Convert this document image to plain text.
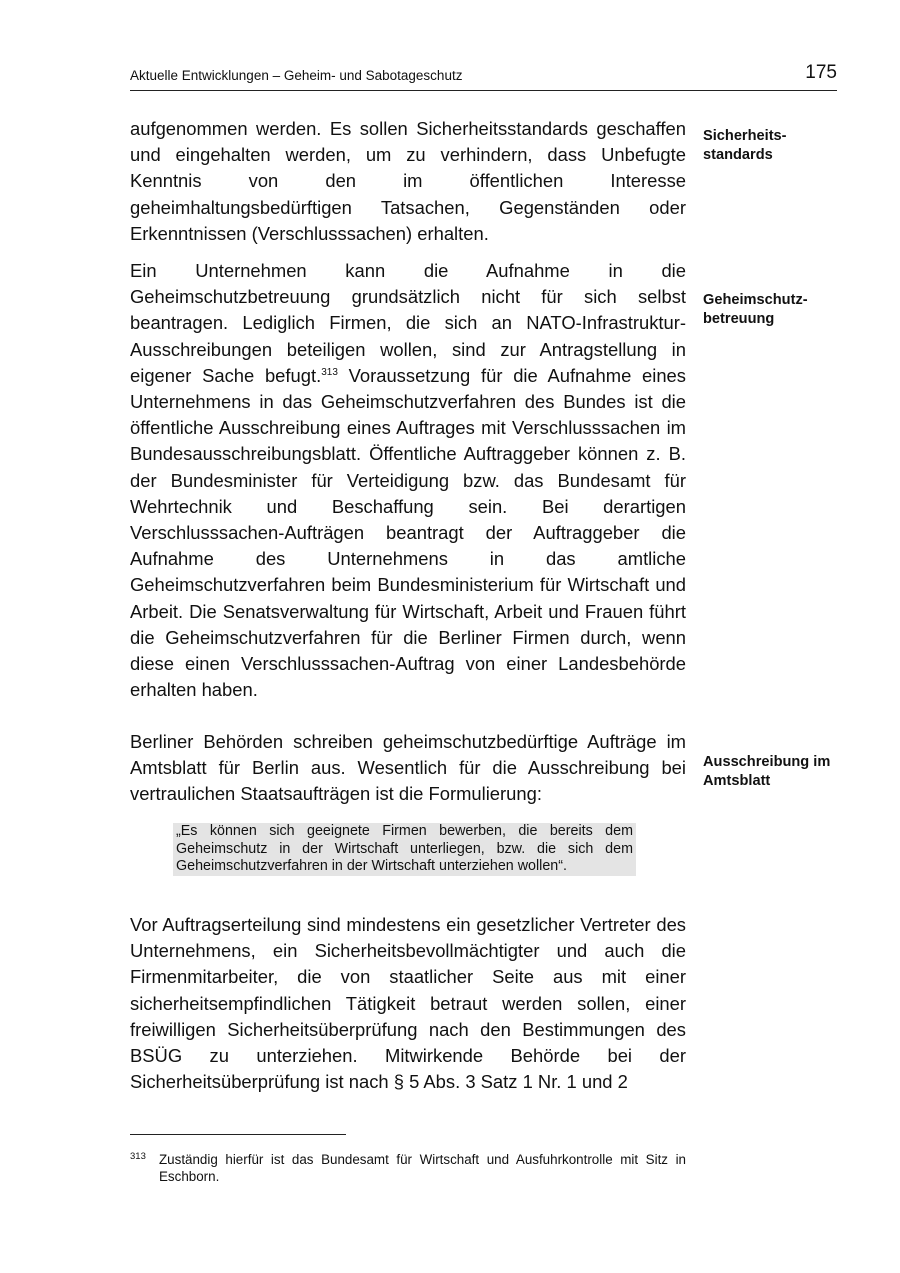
Aktuelle Entwicklungen – Geheim- und Sabotageschutz	175

aufgenommen werden. Es sollen Sicherheitsstandards geschaffen und eingehalten werden, um zu verhindern, dass Unbefugte Kenntnis von den im öffentlichen Interesse geheimhaltungsbedürftigen Tatsachen, Gegenständen oder Erkenntnissen (Verschlusssachen) erhalten.

Ein Unternehmen kann die Aufnahme in die Geheimschutzbetreuung grundsätzlich nicht für sich selbst beantragen. Lediglich Firmen, die sich an NATO-Infrastruktur-Ausschreibungen beteiligen wollen, sind zur Antragstellung in eigener Sache befugt.$^{313}$ Voraussetzung für die Aufnahme eines Unternehmens in das Geheimschutzverfahren des Bundes ist die öffentliche Ausschreibung eines Auftrages mit Verschlusssachen im Bundesausschreibungsblatt. Öffentliche Auftraggeber können z. B. der Bundesminister für Verteidigung bzw. das Bundesamt für Wehrtechnik und Beschaffung sein. Bei derartigen Verschlusssachen-Aufträgen beantragt der Auftraggeber die Aufnahme des Unternehmens in das amtliche Geheimschutzverfahren beim Bundesministerium für Wirtschaft und Arbeit. Die Senatsverwaltung für Wirtschaft, Arbeit und Frauen führt die Geheimschutzverfahren für die Berliner Firmen durch, wenn diese einen Verschlusssachen-Auftrag von einer Landesbehörde erhalten haben.

Berliner Behörden schreiben geheimschutzbedürftige Aufträge im Amtsblatt für Berlin aus. Wesentlich für die Ausschreibung bei vertraulichen Staatsaufträgen ist die Formulierung:

„Es können sich geeignete Firmen bewerben, die bereits dem Geheimschutz in der Wirtschaft unterliegen, bzw. die sich dem Geheimschutzverfahren in der Wirtschaft unterziehen wollen“.

Vor Auftragserteilung sind mindestens ein gesetzlicher Vertreter des Unternehmens, ein Sicherheitsbevollmächtigter und auch die Firmenmitarbeiter, die von staatlicher Seite aus mit einer sicherheitsempfindlichen Tätigkeit betraut werden sollen, einer freiwilligen Sicherheitsüberprüfung nach den Bestimmungen des BSÜG zu unterziehen. Mitwirkende Behörde bei der Sicherheitsüberprüfung ist nach § 5 Abs. 3 Satz 1 Nr. 1 und 2

Sicherheits-
standards

Geheimschutz-
betreuung

Ausschreibung im
Amtsblatt

313 Zuständig hierfür ist das Bundesamt für Wirtschaft und Ausfuhrkontrolle mit Sitz in Eschborn.
